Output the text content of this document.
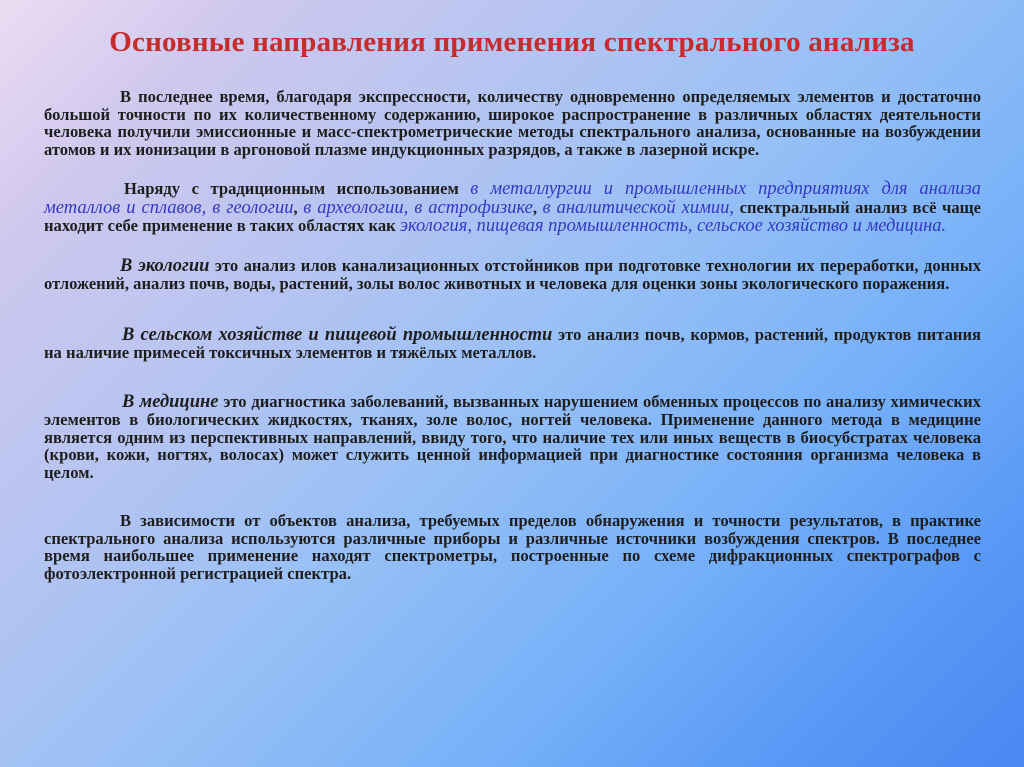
Основные направления применения спектрального анализа

В последнее время, благодаря экспрессности, количеству одновременно определяемых элементов и достаточно большой точности по их количественному содержанию, широкое распространение в различных областях деятельности человека получили эмиссионные и масс-спектрометрические методы спектрального анализа, основанные на возбуждении атомов и их ионизации в аргоновой плазме индукционных разрядов, а также в лазерной искре.

Наряду с традиционным использованием в металлургии и промышленных предприятиях для анализа металлов и сплавов, в геологии, в археологии, в астрофизике, в аналитической химии, спектральный анализ всё чаще находит себе применение в таких областях как экология, пищевая промышленность, сельское хозяйство и медицина.

В экологии это анализ илов канализационных отстойников при подготовке технологии их переработки, донных отложений, анализ почв, воды, растений, золы волос животных и человека для оценки зоны экологического поражения.

В сельском хозяйстве и пищевой промышленности это анализ почв, кормов, растений, продуктов питания на наличие примесей токсичных элементов и тяжёлых металлов.

В медицине это диагностика заболеваний, вызванных нарушением обменных процессов по анализу химических элементов в биологических жидкостях, тканях, золе волос, ногтей человека. Применение данного метода в медицине является одним из перспективных направлений, ввиду того, что наличие тех или иных веществ в биосубстратах человека (крови, кожи, ногтях, волосах) может служить ценной информацией при диагностике состояния организма человека в целом.

В зависимости от объектов анализа, требуемых пределов обнаружения и точности результатов, в практике спектрального анализа используются различные приборы и различные источники возбуждения спектров. В последнее время наибольшее применение находят спектрометры, построенные по схеме дифракционных спектрографов с фотоэлектронной регистрацией спектра.
